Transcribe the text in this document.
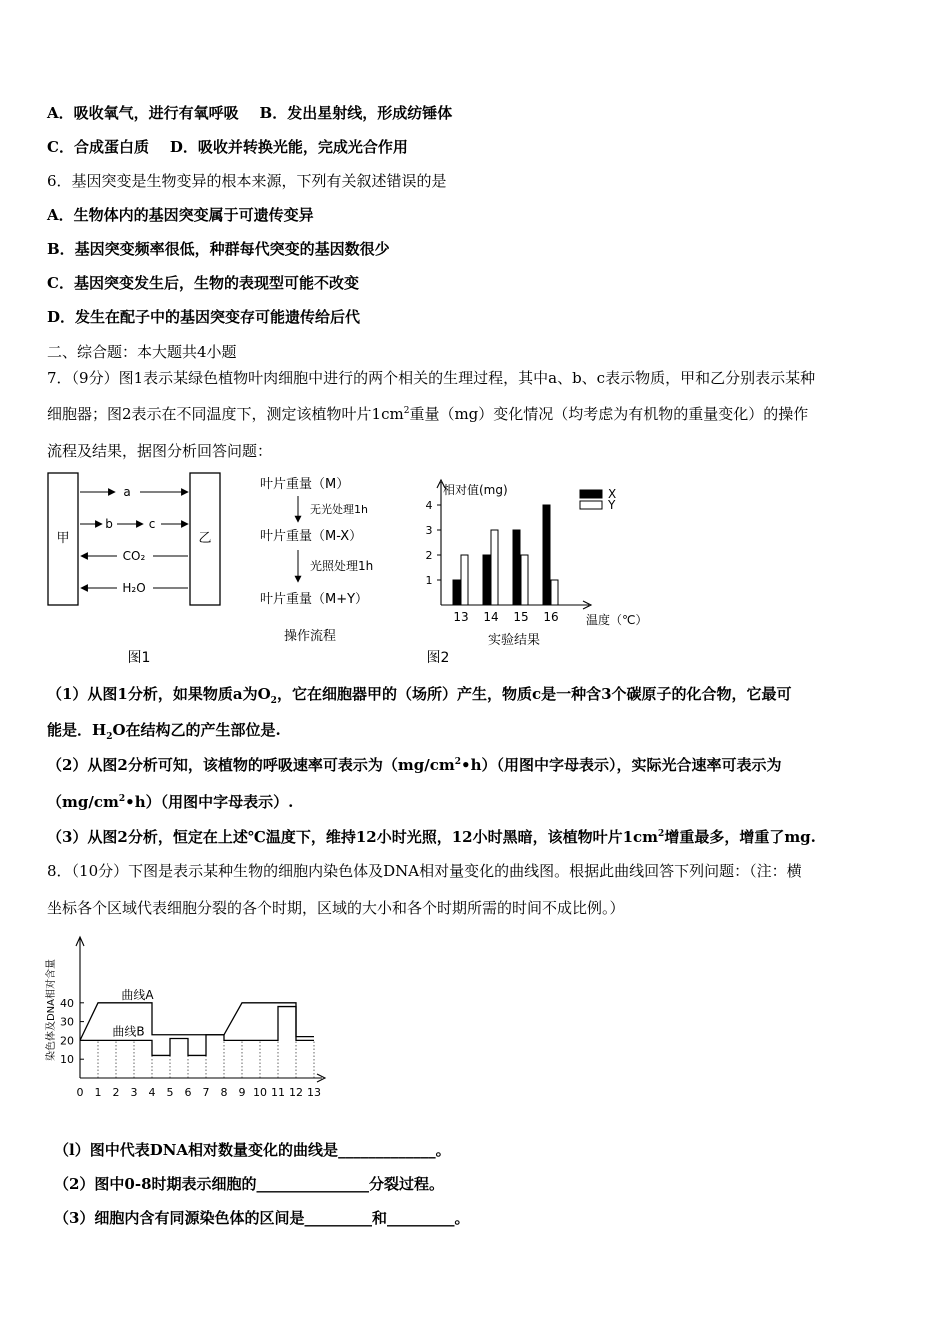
A．吸收氧气，进行有氧呼吸 B．发出星射线，形成纺锤体
C．合成蛋白质 D．吸收并转换光能，完成光合作用
6．基因突变是生物变异的根本来源，下列有关叙述错误的是
A．生物体内的基因突变属于可遗传变异
B．基因突变频率很低，种群每代突变的基因数很少
C．基因突变发生后，生物的表现型可能不改变
D．发生在配子中的基因突变存可能遗传给后代
二、综合题：本大题共4小题
7．（9分）图1表示某绿色植物叶肉细胞中进行的两个相关的生理过程，其中a、b、c表示物质，甲和乙分别表示某种
细胞器；图2表示在不同温度下，测定该植物叶片$1cm^2$重量（mg）变化情况（均考虑为有机物的重量变化）的操作
流程及结果，据图分析回答问题：
甲	乙
a
b	c
CO₂
H₂O
图1
叶片重量（M）
无光处理1h
叶片重量（M-X）
光照处理1h
叶片重量（M+Y）
操作流程
相对值(mg)
1
2
3
4
13 14 15 16 温度（℃）
X
Y
实验结果
图2
（1）从图1分析，如果物质a为$O_2$，它在细胞器甲的（场所）产生，物质c是一种含3个碳原子的化合物，它最可
能是．$H_2O$在结构乙的产生部位是.
（2）从图2分析可知，该植物的呼吸速率可表示为$(mg/cm^2•h)$（用图中字母表示），实际光合速率可表示为
$(mg/cm^2•h)$（用图中字母表示）.
（3）从图2分析，恒定在上述℃温度下，维持12小时光照，12小时黑暗，该植物叶片$1cm^2$增重最多，增重了mg.
8．（10分）下图是表示某种生物的细胞内染色体及DNA相对量变化的曲线图。根据此曲线回答下列问题：（注：横
坐标各个区域代表细胞分裂的各个时期，区域的大小和各个时期所需的时间不成比例。）
染色体及DNA相对含量 10
20
30
40
0 1 2 3 4 5 6 7 8 9 10 11 12 13
曲线A
曲线B
（l）图中代表DNA相对数量变化的曲线是_____________。
（2）图中0-8时期表示细胞的_______________分裂过程。
（3）细胞内含有同源染色体的区间是_________和_________。
